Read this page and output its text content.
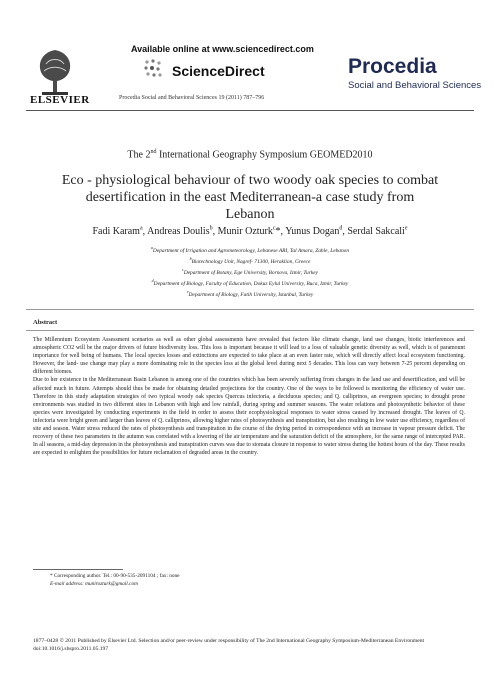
ELSEVIER
Available online at www.sciencedirect.com
ScienceDirect
Procedia Social and Behavioral Sciences 19 (2011) 787–796
Procedia
Social and Behavioral Sciences
The 2nd International Geography Symposium GEOMED2010
Eco - physiological behaviour of two woody oak species to combat desertification in the east Mediterranean-a case study from Lebanon
Fadi Karam$^a$, Andreas Doulis$^b$, Munir Ozturk$^c$*, Yunus Dogan$^d$, Serdal Sakcali$^e$
$^a$Department of Irrigation and Agrometeorology, Lebanese ARI, Tal Amara, Zahle, Lebanon
$^b$Biotechnology Unit, Nagref- 71300, Heraklion, Greece
$^c$Department of Botany, Ege University, Bornova, Izmir, Turkey
$^d$Department of Biology, Faculty of Education, Dokuz Eylul University, Buca, Izmir, Turkey
$^e$Department of Biology, Fatih University, Istanbul, Turkey
Abstract
The Millennium Ecosystem Assessment scenarios as well as other global assessments have revealed that factors like climate change, land use changes, biotic interferences and atmospheric CO2 will be the major drivers of future biodiversity loss. This loss is important because it will lead to a loss of valuable genetic diversity as well, which is of paramount importance for well being of humans. The local species losses and extinctions are expected to take place at an even faster rate, which will directly affect local ecosystem functioning. However, the land- use change may play a more dominating role in the species loss at the global level during next 5 decades. This loss can vary between 7-25 percent depending on different biomes.
Due to her existence in the Mediterranean Basin Lebanon is among one of the countries which has been severely suffering from changes in the land use and desertification, and will be affected much in future. Attempts should thus be made for obtaining detailed projections for the country. One of the ways to be followed is monitoring the efficiency of water use. Therefore in this study adaptation strategies of two typical woody oak species Quercus infectoria, a deciduous species; and Q. calliprinos, an evergreen species; to drought prone environments was studied in two different sites in Lebanon with high and low rainfall, during spring and summer seasons. The water relations and photosynthetic behavior of these species were investigated by conducting experiments in the field in order to assess their ecophysiological responses to water stress caused by increased drought. The leaves of Q. infectoria were bright green and larger than leaves of Q. calliprinos, allowing higher rates of photosynthesis and transpiration, but also resulting in low water use efficiency, regardless of site and season. Water stress reduced the rates of photosynthesis and transpiration in the course of the drying period in correspondence with an increase in vapour pressure deficit. The recovery of these two parameters in the autumn was correlated with a lowering of the air temperature and the saturation deficit of the atmosphere, for the same range of intercepted PAR. In all seasons, a mid-day depression in the photosynthesis and transpiration curves was due to stomata closure in response to water stress during the hottest hours of the day. These results are expected to enlighten the possibilities for future reclamation of degraded areas in the country.
* Corresponding author. Tel.: 00-90-535-2091104 ; fax: none
E-mail address: munirozturk@gmail.com
1877–0428 © 2011 Published by Elsevier Ltd. Selection and/or peer-review under responsibility of The 2nd International Geography Symposium-Mediterranean Environment
doi:10.1016/j.sbspro.2011.05.197
